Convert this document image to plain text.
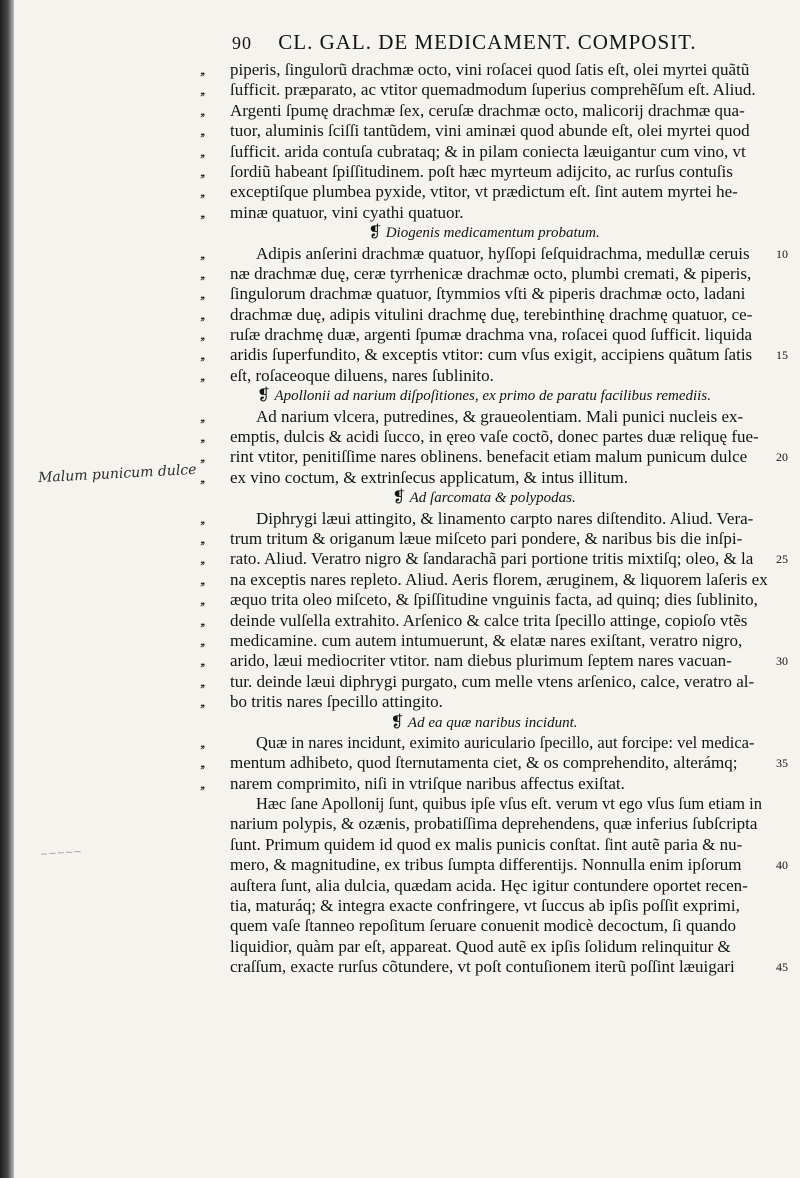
90 CL. GAL. DE MEDICAMENT. COMPOSIT.
Malum punicum dulce
~~~~~
,,	piperis, ſingulorũ drachmæ octo, vini roſacei quod ſatis eſt, olei myrtei quãtũ
,,	ſufficit. præparato, ac vtitor quemadmodum ſuperius comprehẽſum eſt. Aliud.
,,	Argenti ſpumę drachmæ ſex, ceruſæ drachmæ octo, malicorij drachmæ qua-
,,	tuor, aluminis ſciſſi tantũdem, vini aminæi quod abunde eſt, olei myrtei quod
,,	ſufficit. arida contuſa cubrataq; & in pilam coniecta læuigantur cum vino, vt
,,	ſordiũ habeant ſpiſſitudinem. poſt hæc myrteum adijcito, ac rurſus contuſis
,,	exceptiſque plumbea pyxide, vtitor, vt prædictum eſt. ſint autem myrtei he-
,,	minæ quatuor, vini cyathi quatuor.
❡ Diogenis medicamentum probatum.
,,	Adipis anſerini drachmæ quatuor, hyſſopi ſeſquidrachma, medullæ ceruis 10
,,	næ drachmæ duę, ceræ tyrrhenicæ drachmæ octo, plumbi cremati, & piperis,
,,	ſingulorum drachmæ quatuor, ſtymmios vſti & piperis drachmæ octo, ladani
,,	drachmæ duę, adipis vitulini drachmę duę, terebinthinę drachmę quatuor, ce-
,,	ruſæ drachmę duæ, argenti ſpumæ drachma vna, roſacei quod ſufficit. liquida
,,	aridis ſuperfundito, & exceptis vtitor: cum vſus exigit, accipiens quãtum ſatis 15
,,	eſt, roſaceoque diluens, nares ſublinito.
❡ Apollonii ad narium diſpoſitiones, ex primo de paratu facilibus remediis.
,,	Ad narium vlcera, putredines, & graueolentiam. Mali punici nucleis ex-
,,	emptis, dulcis & acidi ſucco, in ęreo vaſe coctõ, donec partes duæ reliquę fue-
,,	rint vtitor, penitiſſime nares oblinens. benefacit etiam malum punicum dulce 20
,,	ex vino coctum, & extrinſecus applicatum, & intus illitum.
❡ Ad ſarcomata & polypodas.
,,	Diphrygi læui attingito, & linamento carpto nares diſtendito. Aliud. Vera-
,,	trum tritum & origanum læue miſceto pari pondere, & naribus bis die inſpi-
,,	rato. Aliud. Veratro nigro & ſandarachã pari portione tritis mixtiſq; oleo, & la 25
,,	na exceptis nares repleto. Aliud. Aeris florem, æruginem, & liquorem laſeris ex
,,	æquo trita oleo miſceto, & ſpiſſitudine vnguinis facta, ad quinq; dies ſublinito,
,,	deinde vulſella extrahito. Arſenico & calce trita ſpecillo attinge, copioſo vtẽs
,,	medicamine. cum autem intumuerunt, & elatæ nares exiſtant, veratro nigro,
,,	arido, læui mediocriter vtitor. nam diebus plurimum ſeptem nares vacuan-	30
,,	tur. deinde læui diphrygi purgato, cum melle vtens arſenico, calce, veratro al-
,,	bo tritis nares ſpecillo attingito.
❡ Ad ea quæ naribus incidunt.
,,	Quæ in nares incidunt, eximito auriculario ſpecillo, aut forcipe: vel medica-
,,	mentum adhibeto, quod ſternutamenta ciet, & os comprehendito, alterámq;	35
,,	narem comprimito, niſi in vtriſque naribus affectus exiſtat.
Hæc ſane Apollonij ſunt, quibus ipſe vſus eſt. verum vt ego vſus ſum etiam in
narium polypis, & ozænis, probatiſſima deprehendens, quæ inferius ſubſcripta
ſunt. Primum quidem id quod ex malis punicis conſtat. ſint autẽ paria & nu-
mero, & magnitudine, ex tribus ſumpta differentijs. Nonnulla enim ipſorum	40
auſtera ſunt, alia dulcia, quædam acida. Hęc igitur contundere oportet recen-
tia, maturáq; & integra exacte confringere, vt ſuccus ab ipſis poſſit exprimi,
quem vaſe ſtanneo repoſitum ſeruare conuenit modicè decoctum, ſi quando
liquidior, quàm par eſt, appareat. Quod autẽ ex ipſis ſolidum relinquitur &
craſſum, exacte rurſus cõtundere, vt poſt contuſionem iterũ poſſint læuigari	45
